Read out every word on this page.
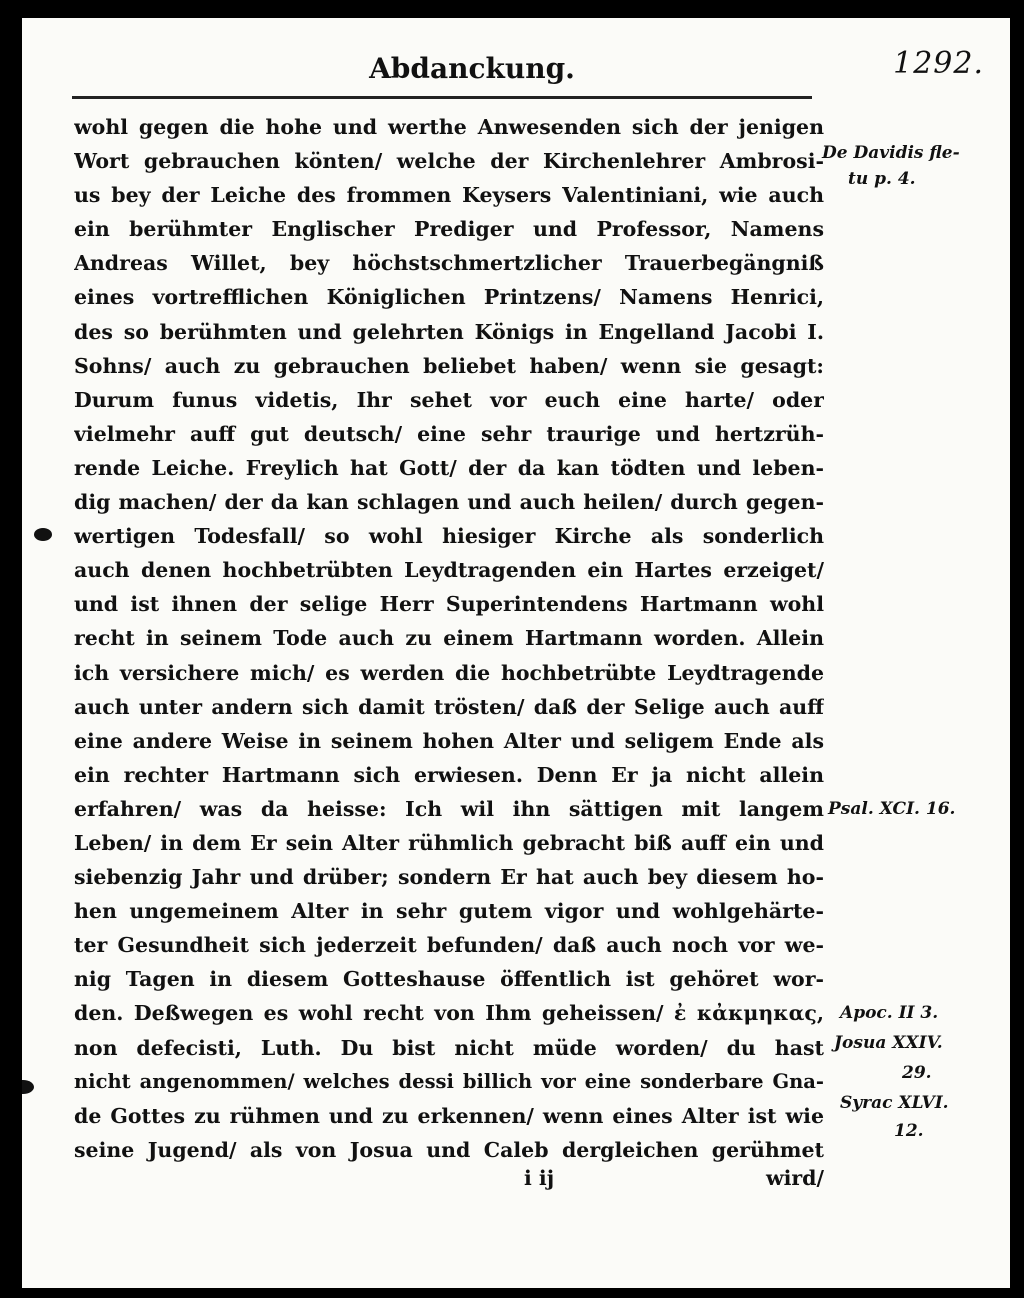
Abdanckung.	1292.
wohl gegen die hohe und werthe Anwesenden sich der jenigen
Wort gebrauchen könten/ welche der Kirchenlehrer Ambrosi-
us bey der Leiche des frommen Keysers Valentiniani, wie auch
ein berühmter Englischer Prediger und Professor, Namens
Andreas Willet, bey höchstschmertzlicher Trauerbegängniß
eines vortrefflichen Königlichen Printzens/ Namens Henrici,
des so berühmten und gelehrten Königs in Engelland Jacobi I.
Sohns/ auch zu gebrauchen beliebet haben/ wenn sie gesagt:
Durum funus videtis, Ihr sehet vor euch eine harte/ oder
vielmehr auff gut deutsch/ eine sehr traurige und hertzrüh-
rende Leiche. Freylich hat Gott/ der da kan tödten und leben-
dig machen/ der da kan schlagen und auch heilen/ durch gegen-
wertigen Todesfall/ so wohl hiesiger Kirche als sonderlich
auch denen hochbetrübten Leydtragenden ein Hartes erzeiget/
und ist ihnen der selige Herr Superintendens Hartmann wohl
recht in seinem Tode auch zu einem Hartmann worden. Allein
ich versichere mich/ es werden die hochbetrübte Leydtragende
auch unter andern sich damit trösten/ daß der Selige auch auff
eine andere Weise in seinem hohen Alter und seligem Ende als
ein rechter Hartmann sich erwiesen. Denn Er ja nicht allein
erfahren/ was da heisse: Ich wil ihn sättigen mit langem
Leben/ in dem Er sein Alter rühmlich gebracht biß auff ein und
siebenzig Jahr und drüber; sondern Er hat auch bey diesem ho-
hen ungemeinem Alter in sehr gutem vigor und wohlgehärte-
ter Gesundheit sich jederzeit befunden/ daß auch noch vor we-
nig Tagen in diesem Gotteshause öffentlich ist gehöret wor-
den. Deßwegen es wohl recht von Ihm geheissen/ ἐ κἀκμηκας,
non defecisti, Luth. Du bist nicht müde worden/ du hast
nicht angenommen/ welches dessi billich vor eine sonderbare Gna-
de Gottes zu rühmen und zu erkennen/ wenn eines Alter ist wie
seine Jugend/ als von Josua und Caleb dergleichen gerühmet
De Davidis fle-
tu p. 4.
Psal. XCI. 16.
Apoc. II 3.
Josua XXIV.
29.
Syrac XLVI.
12.
i ij	wird/
